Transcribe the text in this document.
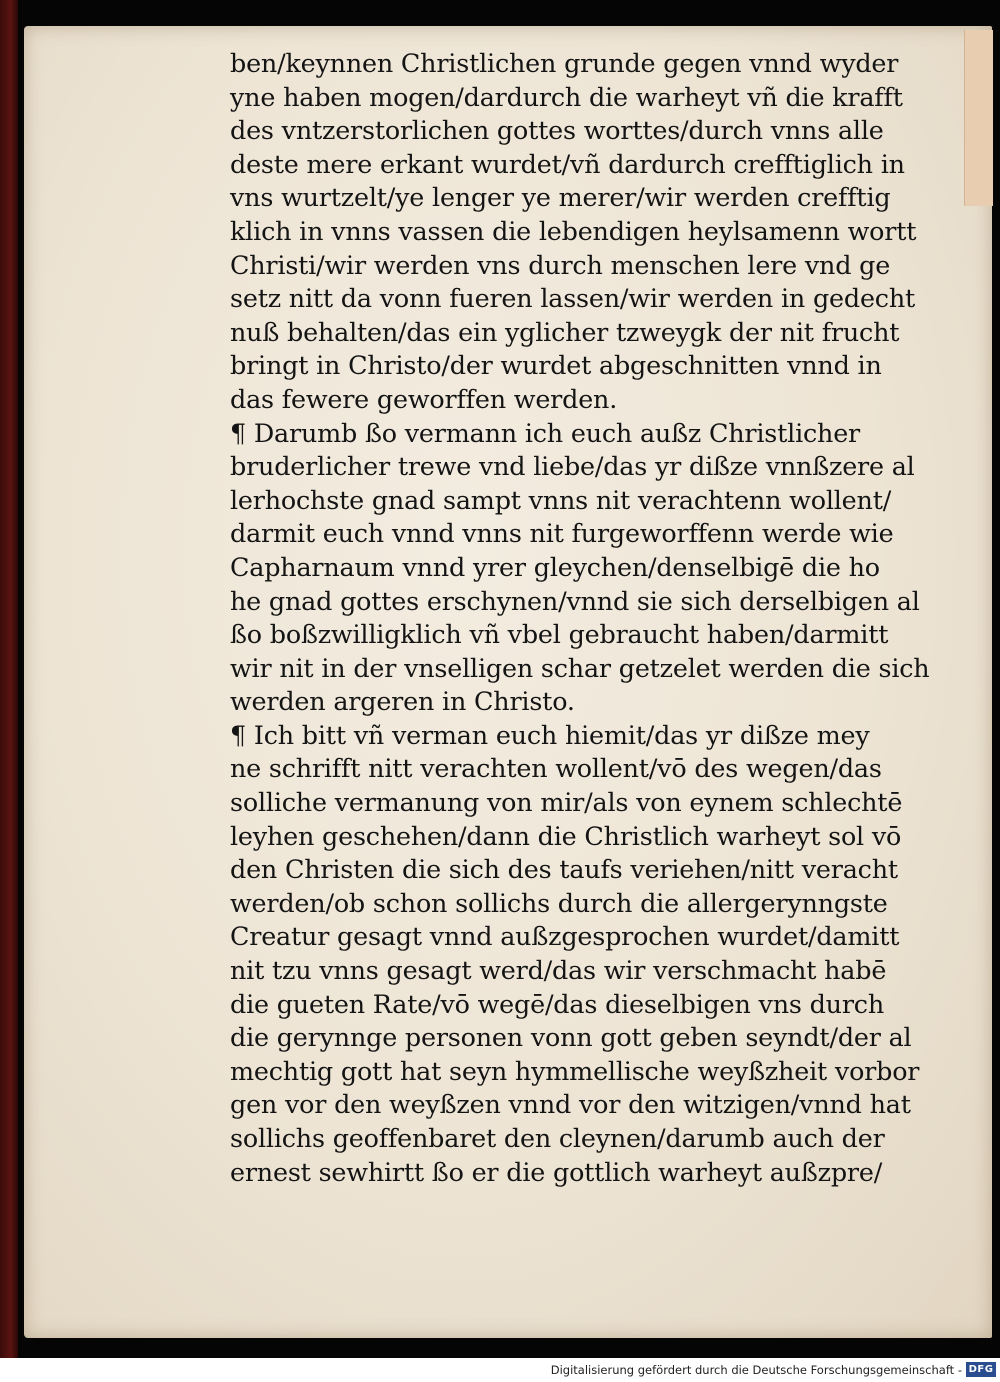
ben/keynnen Christlichen grunde gegen vnnd wyder
yne haben mogen/dardurch die warheyt vñ die krafft
des vntzerstorlichen gottes worttes/durch vnns alle
deste mere erkant wurdet/vñ dardurch crefftiglich in
vns wurtzelt/ye lenger ye merer/wir werden crefftig
klich in vnns vassen die lebendigen heylsamenn wortt
Christi/wir werden vns durch menschen lere vnd ge
setz nitt da vonn fueren lassen/wir werden in gedecht
nuß behalten/das ein yglicher tzweygk der nit frucht
bringt in Christo/der wurdet abgeschnitten vnnd in
das fewere geworffen werden.
¶ Darumb ßo vermann ich euch außz Christlicher
bruderlicher trewe vnd liebe/das yr dißze vnnßzere al
lerhochste gnad sampt vnns nit verachtenn wollent/
darmit euch vnnd vnns nit furgeworffenn werde wie
Capharnaum vnnd yrer gleychen/denselbigē die ho
he gnad gottes erschynen/vnnd sie sich derselbigen al
ßo boßzwilligklich vñ vbel gebraucht haben/darmitt
wir nit in der vnselligen schar getzelet werden die sich
werden argeren in Christo.
¶ Ich bitt vñ verman euch hiemit/das yr dißze mey
ne schrifft nitt verachten wollent/vō des wegen/das
solliche vermanung von mir/als von eynem schlechtē
leyhen geschehen/dann die Christlich warheyt sol vō
den Christen die sich des taufs veriehen/nitt veracht
werden/ob schon sollichs durch die allergerynngste
Creatur gesagt vnnd außzgesprochen wurdet/damitt
nit tzu vnns gesagt werd/das wir verschmacht habē
die gueten Rate/vō wegē/das dieselbigen vns durch
die gerynnge personen vonn gott geben seyndt/der al
mechtig gott hat seyn hymmellische weyßzheit vorbor
gen vor den weyßzen vnnd vor den witzigen/vnnd hat
sollichs geoffenbaret den cleynen/darumb auch der
ernest sewhirtt ßo er die gottlich warheyt außzpre/
Digitalisierung gefördert durch die Deutsche Forschungsgemeinschaft - DFG
